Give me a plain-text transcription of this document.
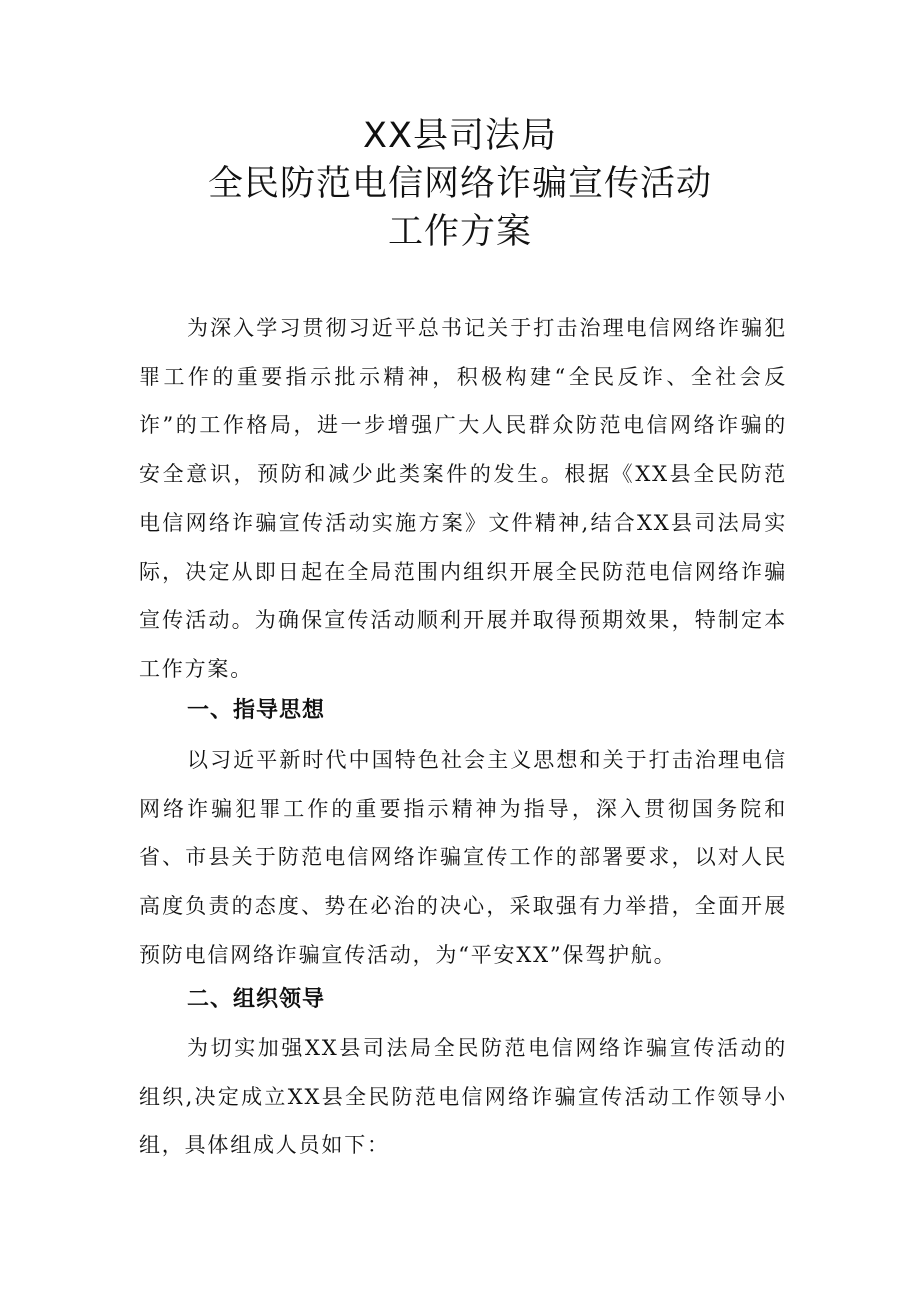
XX县司法局
全民防范电信网络诈骗宣传活动
工作方案

为深入学习贯彻习近平总书记关于打击治理电信网络诈骗犯罪工作的重要指示批示精神，积极构建“全民反诈、全社会反诈”的工作格局，进一步增强广大人民群众防范电信网络诈骗的安全意识，预防和减少此类案件的发生。根据《XX县全民防范电信网络诈骗宣传活动实施方案》文件精神,结合XX县司法局实际，决定从即日起在全局范围内组织开展全民防范电信网络诈骗宣传活动。为确保宣传活动顺利开展并取得预期效果，特制定本工作方案。

一、指导思想

以习近平新时代中国特色社会主义思想和关于打击治理电信网络诈骗犯罪工作的重要指示精神为指导，深入贯彻国务院和省、市县关于防范电信网络诈骗宣传工作的部署要求，以对人民高度负责的态度、势在必治的决心，采取强有力举措，全面开展预防电信网络诈骗宣传活动，为“平安XX”保驾护航。

二、组织领导

为切实加强XX县司法局全民防范电信网络诈骗宣传活动的组织,决定成立XX县全民防范电信网络诈骗宣传活动工作领导小组，具体组成人员如下：
